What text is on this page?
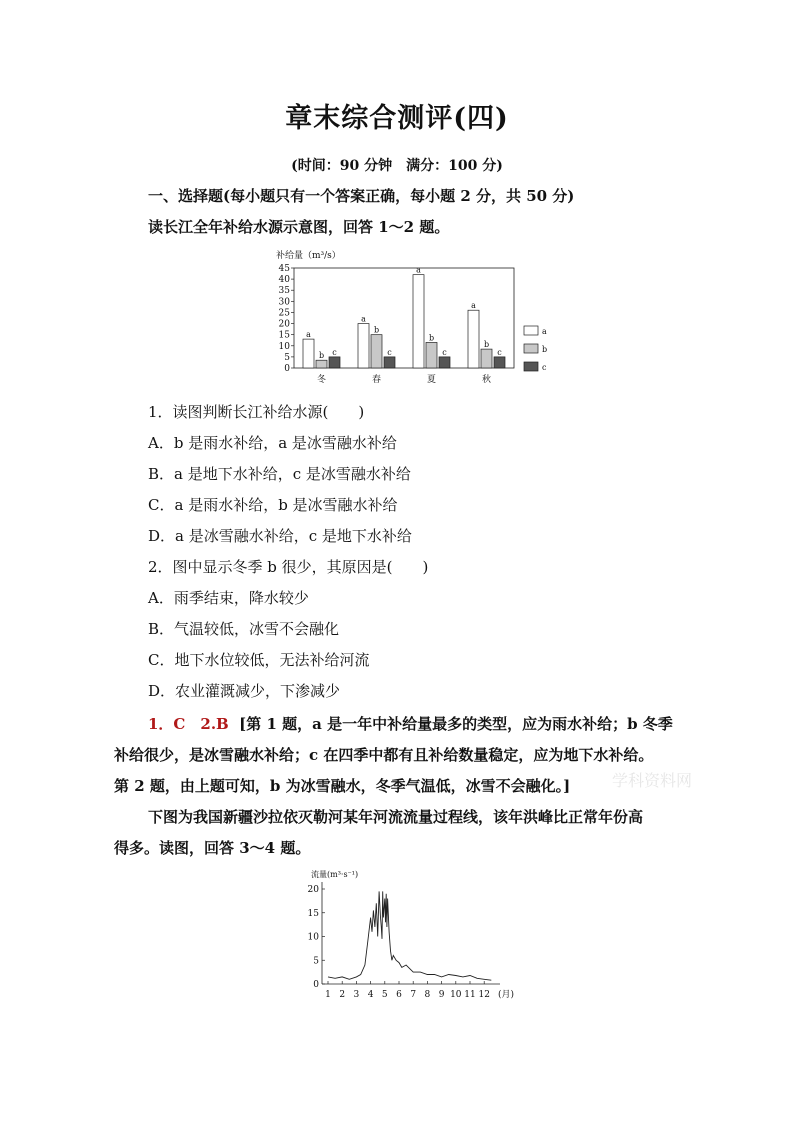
章末综合测评(四)
(时间：90 分钟　满分：100 分)
一、选择题(每小题只有一个答案正确，每小题 2 分，共 50 分)
读长江全年补给水源示意图，回答 1～2 题。
补给量（m³/s）
0
5
10
15
20
25
30
35
40
45
a
b c
a
b
c
a
b
c
a
b
c
冬	春	夏	秋
a
b
c
1．读图判断长江补给水源(　　)
A．b 是雨水补给，a 是冰雪融水补给
B．a 是地下水补给，c 是冰雪融水补给
C．a 是雨水补给，b 是冰雪融水补给
D．a 是冰雪融水补给，c 是地下水补给
2．图中显示冬季 b 很少，其原因是(　　)
A．雨季结束，降水较少
B．气温较低，冰雪不会融化
C．地下水位较低，无法补给河流
D．农业灌溉减少，下渗减少
1．C　2.B [第 1 题，a 是一年中补给量最多的类型，应为雨水补给；b 冬季
补给很少，是冰雪融水补给；c 在四季中都有且补给数量稳定，应为地下水补给。
第 2 题，由上题可知，b 为冰雪融水，冬季气温低，冰雪不会融化。]	学科资料网
下图为我国新疆沙拉依灭勒河某年河流流量过程线，该年洪峰比正常年份高
得多。读图，回答 3～4 题。
流量(m³·s⁻¹)
0
5
10
15
20
1 2 3 4 5 6 7 8 9 10 11 12 (月)
